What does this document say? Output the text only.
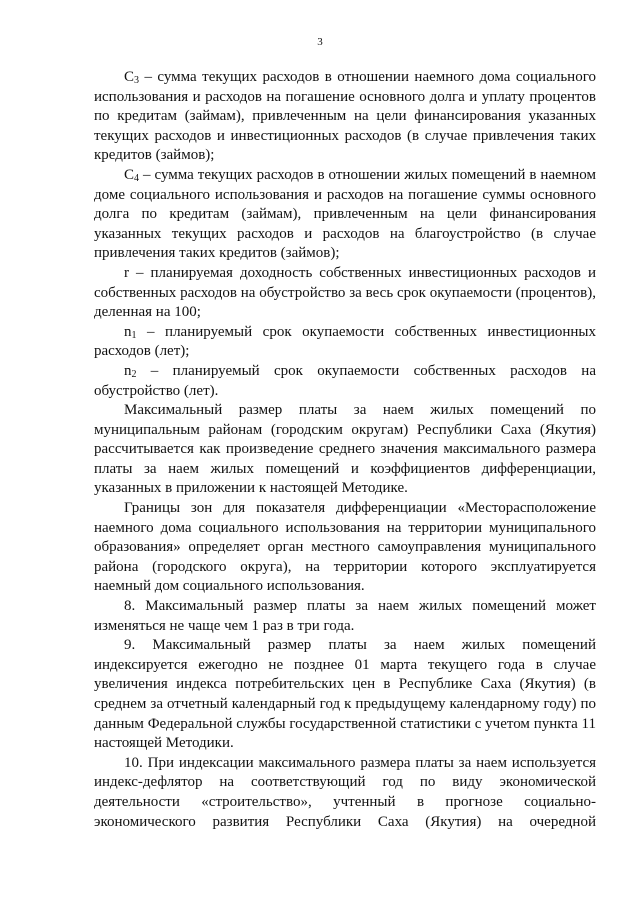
3

$С_3$ – сумма текущих расходов в отношении наемного дома социального использования и расходов на погашение основного долга и уплату процентов по кредитам (займам), привлеченным на цели финансирования указанных текущих расходов и инвестиционных расходов (в случае привлечения таких кредитов (займов);

$С_4$ – сумма текущих расходов в отношении жилых помещений в наемном доме социального использования и расходов на погашение суммы основного долга по кредитам (займам), привлеченным на цели финансирования указанных текущих расходов и расходов на благоустройство (в случае привлечения таких кредитов (займов);

r – планируемая доходность собственных инвестиционных расходов и собственных расходов на обустройство за весь срок окупаемости (процентов), деленная на 100;

$n_1$ – планируемый срок окупаемости собственных инвестиционных расходов (лет);

$n_2$ – планируемый срок окупаемости собственных расходов на обустройство (лет).

Максимальный размер платы за наем жилых помещений по муниципальным районам (городским округам) Республики Саха (Якутия) рассчитывается как произведение среднего значения максимального размера платы за наем жилых помещений и коэффициентов дифференциации, указанных в приложении к настоящей Методике.

Границы зон для показателя дифференциации «Месторасположение наемного дома социального использования на территории муниципального образования» определяет орган местного самоуправления муниципального района (городского округа), на территории которого эксплуатируется наемный дом социального использования.

8. Максимальный размер платы за наем жилых помещений может изменяться не чаще чем 1 раз в три года.

9. Максимальный размер платы за наем жилых помещений индексируется ежегодно не позднее 01 марта текущего года в случае увеличения индекса потребительских цен в Республике Саха (Якутия) (в среднем за отчетный календарный год к предыдущему календарному году) по данным Федеральной службы государственной статистики с учетом пункта 11 настоящей Методики.

10. При индексации максимального размера платы за наем используется индекс-дефлятор на соответствующий год по виду экономической деятельности «строительство», учтенный в прогнозе социально-экономического развития Республики Саха (Якутия) на очередной
